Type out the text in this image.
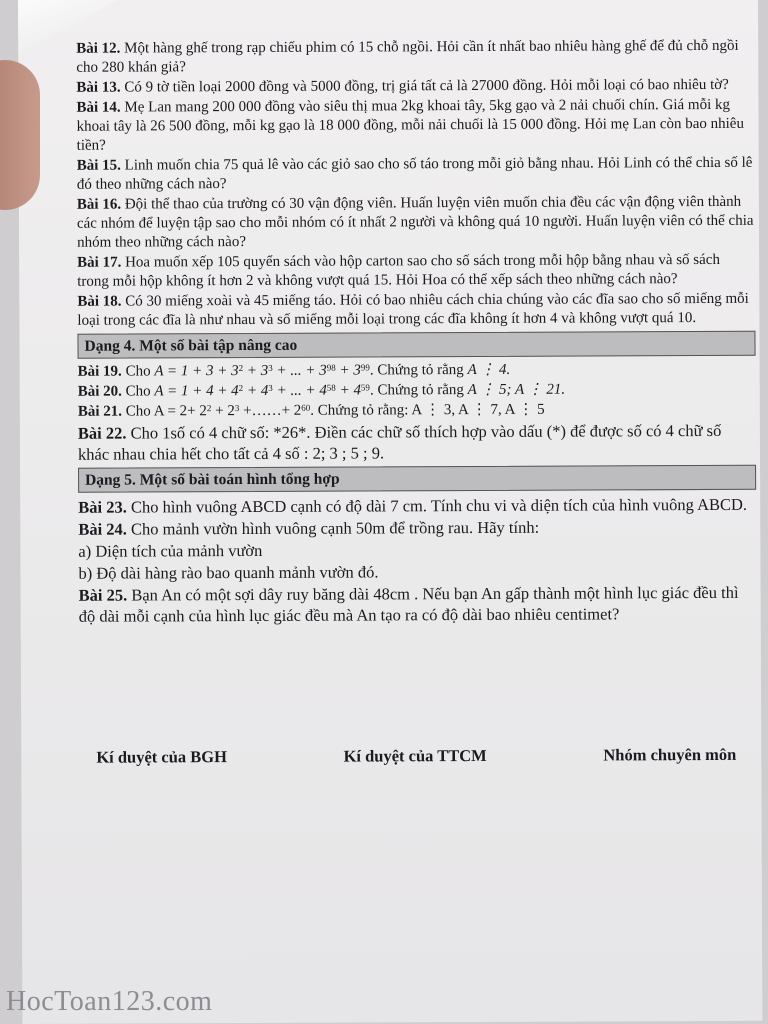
Bài 12. Một hàng ghế trong rạp chiếu phim có 15 chỗ ngồi. Hỏi cần ít nhất bao nhiêu hàng ghế để đủ chỗ ngồi cho 280 khán giả?
Bài 13. Có 9 tờ tiền loại 2000 đồng và 5000 đồng, trị giá tất cả là 27000 đồng. Hỏi mỗi loại có bao nhiêu tờ?
Bài 14. Mẹ Lan mang 200 000 đồng vào siêu thị mua 2kg khoai tây, 5kg gạo và 2 nải chuối chín. Giá mỗi kg khoai tây là 26 500 đồng, mỗi kg gạo là 18 000 đồng, mỗi nải chuối là 15 000 đồng. Hỏi mẹ Lan còn bao nhiêu tiền?
Bài 15. Linh muốn chia 75 quả lê vào các giỏ sao cho số táo trong mỗi giỏ bằng nhau. Hỏi Linh có thể chia số lê đó theo những cách nào?
Bài 16. Đội thể thao của trường có 30 vận động viên. Huấn luyện viên muốn chia đều các vận động viên thành các nhóm để luyện tập sao cho mỗi nhóm có ít nhất 2 người và không quá 10 người. Huấn luyện viên có thể chia nhóm theo những cách nào?
Bài 17. Hoa muốn xếp 105 quyển sách vào hộp carton sao cho số sách trong mỗi hộp bằng nhau và số sách trong mỗi hộp không ít hơn 2 và không vượt quá 15. Hỏi Hoa có thể xếp sách theo những cách nào?
Bài 18. Có 30 miếng xoài và 45 miếng táo. Hỏi có bao nhiêu cách chia chúng vào các đĩa sao cho số miếng mỗi loại trong các đĩa là như nhau và số miếng mỗi loại trong các đĩa không ít hơn 4 và không vượt quá 10.
Dạng 4. Một số bài tập nâng cao
Bài 19. Cho $A = 1 + 3 + 3^2 + 3^3$ + ... + $3^{98} + 3^{99}$. Chứng tỏ rằng A ⋮ 4.
Bài 20. Cho $A = 1 + 4 + 4^2 + 4^3$ + ... + $4^{58} + 4^{59}$. Chứng tỏ rằng A ⋮ 5; A ⋮ 21.
Bài 21. Cho $A = 2+ 2^2 + 2^3$ +……+ $2^{60}$. Chứng tỏ rằng: A ⋮ 3, A ⋮ 7, A ⋮ 5
Bài 22. Cho 1số có 4 chữ số: *26*. Điền các chữ số thích hợp vào dấu (*) để được số có 4 chữ số khác nhau chia hết cho tất cả 4 số : 2; 3 ; 5 ; 9.
Dạng 5. Một số bài toán hình tổng hợp
Bài 23. Cho hình vuông ABCD cạnh có độ dài 7 cm. Tính chu vi và diện tích của hình vuông ABCD.
Bài 24. Cho mảnh vườn hình vuông cạnh 50m để trồng rau. Hãy tính:
a) Diện tích của mảnh vườn
b) Độ dài hàng rào bao quanh mảnh vườn đó.
Bài 25. Bạn An có một sợi dây ruy băng dài 48cm . Nếu bạn An gấp thành một hình lục giác đều thì độ dài mỗi cạnh của hình lục giác đều mà An tạo ra có độ dài bao nhiêu centimet?
Kí duyệt của BGH	Kí duyệt của TTCM	Nhóm chuyên môn
HocToan123.com
